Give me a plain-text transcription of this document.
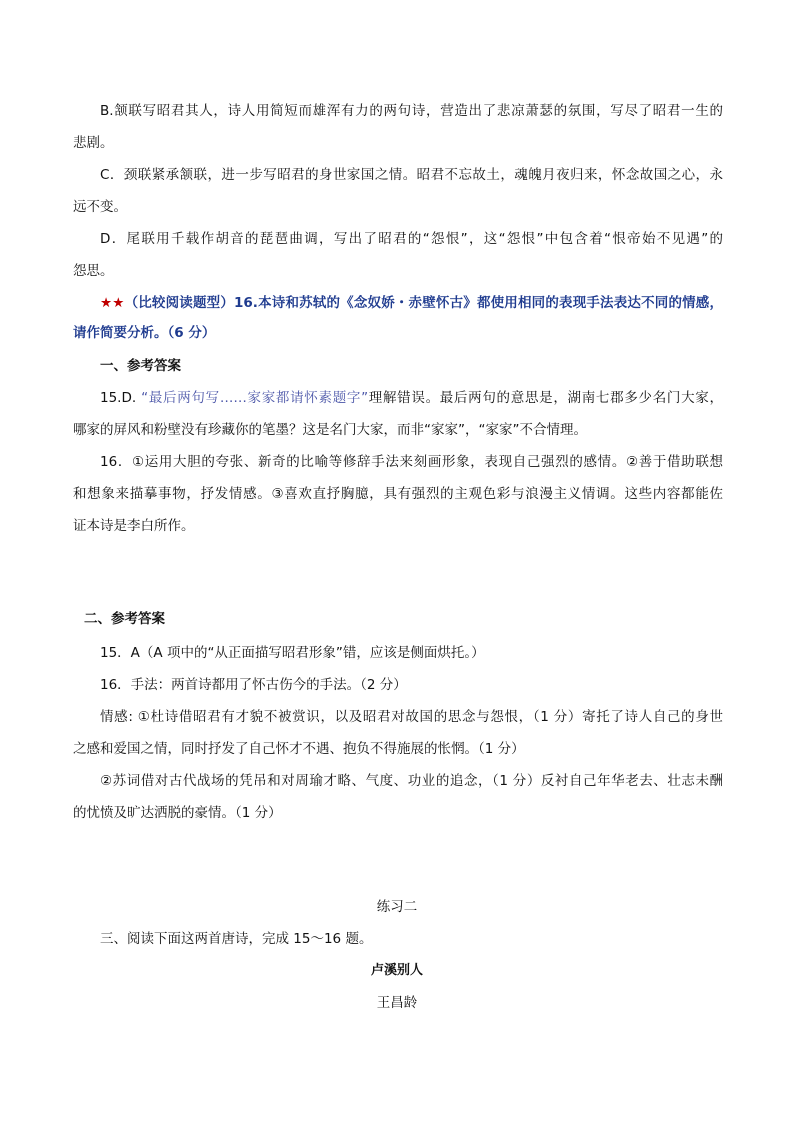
B.颔联写昭君其人，诗人用简短而雄浑有力的两句诗，营造出了悲凉萧瑟的氛围，写尽了昭君一生的
悲剧。
C．颈联紧承颔联，进一步写昭君的身世家国之情。昭君不忘故土，魂魄月夜归来，怀念故国之心，永
远不变。
D．尾联用千载作胡音的琵琶曲调，写出了昭君的“怨恨”，这“怨恨”中包含着“恨帝始不见遇”的
怨思。
★★（比较阅读题型）16.本诗和苏轼的《念奴娇・赤壁怀古》都使用相同的表现手法表达不同的情感，
请作简要分析。（6 分）
一、参考答案
15.D. “最后两句写……家家都请怀素题字”理解错误。最后两句的意思是，湖南七郡多少名门大家，
哪家的屏风和粉壁没有珍藏你的笔墨？这是名门大家，而非“家家”，“家家”不合情理。
16．①运用大胆的夸张、新奇的比喻等修辞手法来刻画形象，表现自己强烈的感情。②善于借助联想
和想象来描摹事物，抒发情感。③喜欢直抒胸臆，具有强烈的主观色彩与浪漫主义情调。这些内容都能佐
证本诗是李白所作。
二、参考答案
15．A（A 项中的“从正面描写昭君形象”错，应该是侧面烘托。）
16．手法：两首诗都用了怀古伤今的手法。（2 分）
情感: ①杜诗借昭君有才貌不被赏识，以及昭君对故国的思念与怨恨，（1 分）寄托了诗人自己的身世
之感和爱国之情，同时抒发了自己怀才不遇、抱负不得施展的怅惘。（1 分）
②苏词借对古代战场的凭吊和对周瑜才略、气度、功业的追念，（1 分）反衬自己年华老去、壮志未酬
的忧愤及旷达洒脱的豪情。（1 分）
练习二
三、阅读下面这两首唐诗，完成 15～16 题。
卢溪别人
王昌龄
